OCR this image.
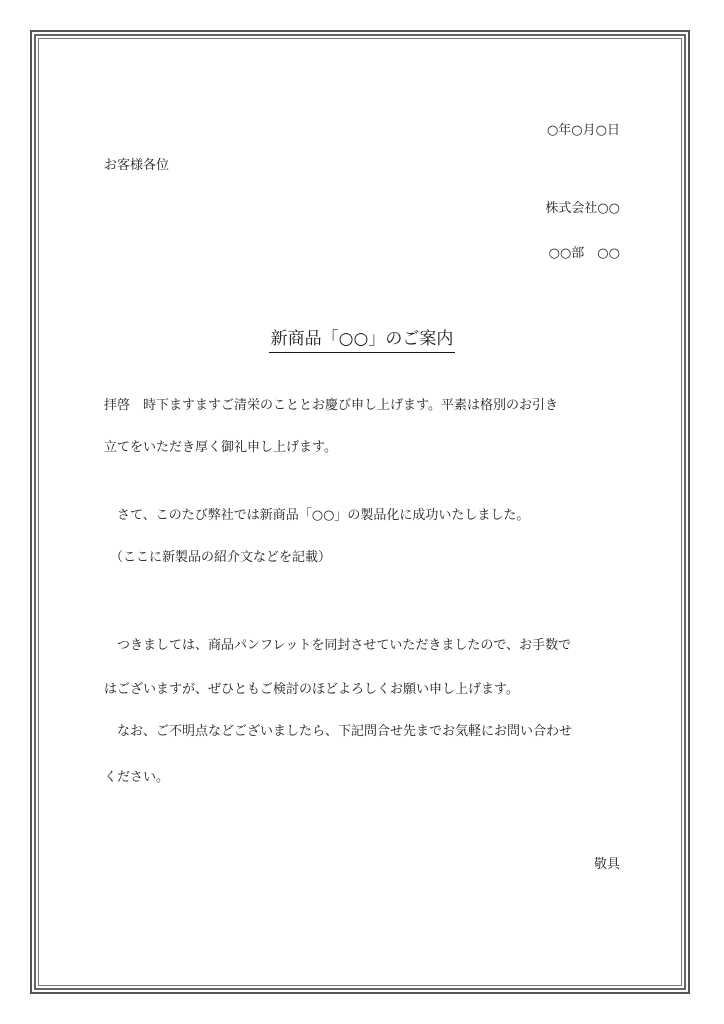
○年○月○日
お客様各位
株式会社○○
○○部　○○
新商品「○○」のご案内
拝啓　時下ますますご清栄のこととお慶び申し上げます。平素は格別のお引き
立てをいただき厚く御礼申し上げます。
さて、このたび弊社では新商品「○○」の製品化に成功いたしました。
（ここに新製品の紹介文などを記載）
つきましては、商品パンフレットを同封させていただきましたので、お手数で
はございますが、ぜひともご検討のほどよろしくお願い申し上げます。
なお、ご不明点などございましたら、下記問合せ先までお気軽にお問い合わせ
ください。
敬具
